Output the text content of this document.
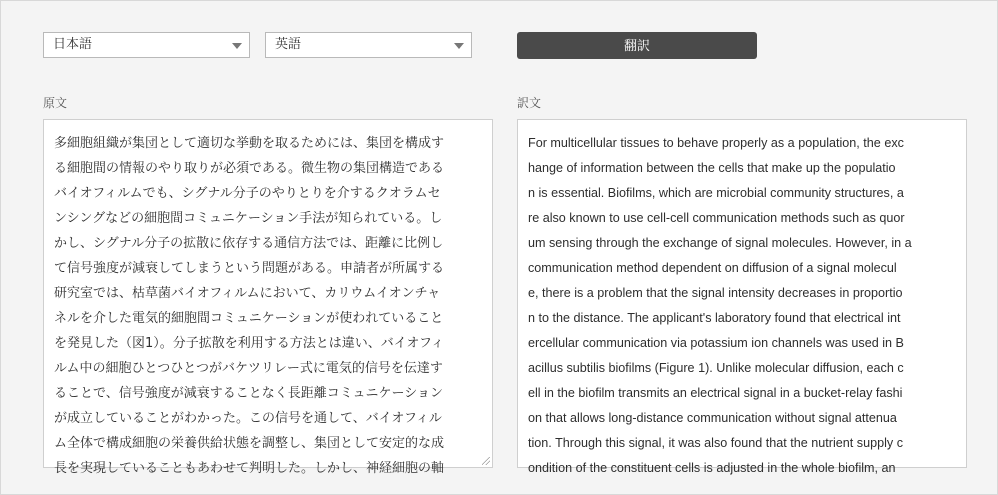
日本語	英語	翻訳
原文	訳文

多細胞組織が集団として適切な挙動を取るためには、集団を構成す

る細胞間の情報のやり取りが必須である。微生物の集団構造である

バイオフィルムでも、シグナル分子のやりとりを介するクオラムセ

ンシングなどの細胞間コミュニケーション手法が知られている。し

かし、シグナル分子の拡散に依存する通信方法では、距離に比例し

て信号強度が減衰してしまうという問題がある。申請者が所属する

研究室では、枯草菌バイオフィルムにおいて、カリウムイオンチャ

ネルを介した電気的細胞間コミュニケーションが使われていること

を発見した（図1）。分子拡散を利用する方法とは違い、バイオフィ

ルム中の細胞ひとつひとつがバケツリレー式に電気的信号を伝達す

ることで、信号強度が減衰することなく長距離コミュニケーション

が成立していることがわかった。この信号を通して、バイオフィル

ム全体で構成細胞の栄養供給状態を調整し、集団として安定的な成

長を実現していることもあわせて判明した。しかし、神経細胞の軸

For multicellular tissues to behave properly as a population, the exc

hange of information between the cells that make up the populatio

n is essential. Biofilms, which are microbial community structures, a

re also known to use cell-cell communication methods such as quor

um sensing through the exchange of signal molecules. However, in a

communication method dependent on diffusion of a signal molecul

e, there is a problem that the signal intensity decreases in proportio

n to the distance. The applicant's laboratory found that electrical int

ercellular communication via potassium ion channels was used in B

acillus subtilis biofilms (Figure 1). Unlike molecular diffusion, each c

ell in the biofilm transmits an electrical signal in a bucket-relay fashi

on that allows long-distance communication without signal attenua

tion. Through this signal, it was also found that the nutrient supply c

ondition of the constituent cells is adjusted in the whole biofilm, an
